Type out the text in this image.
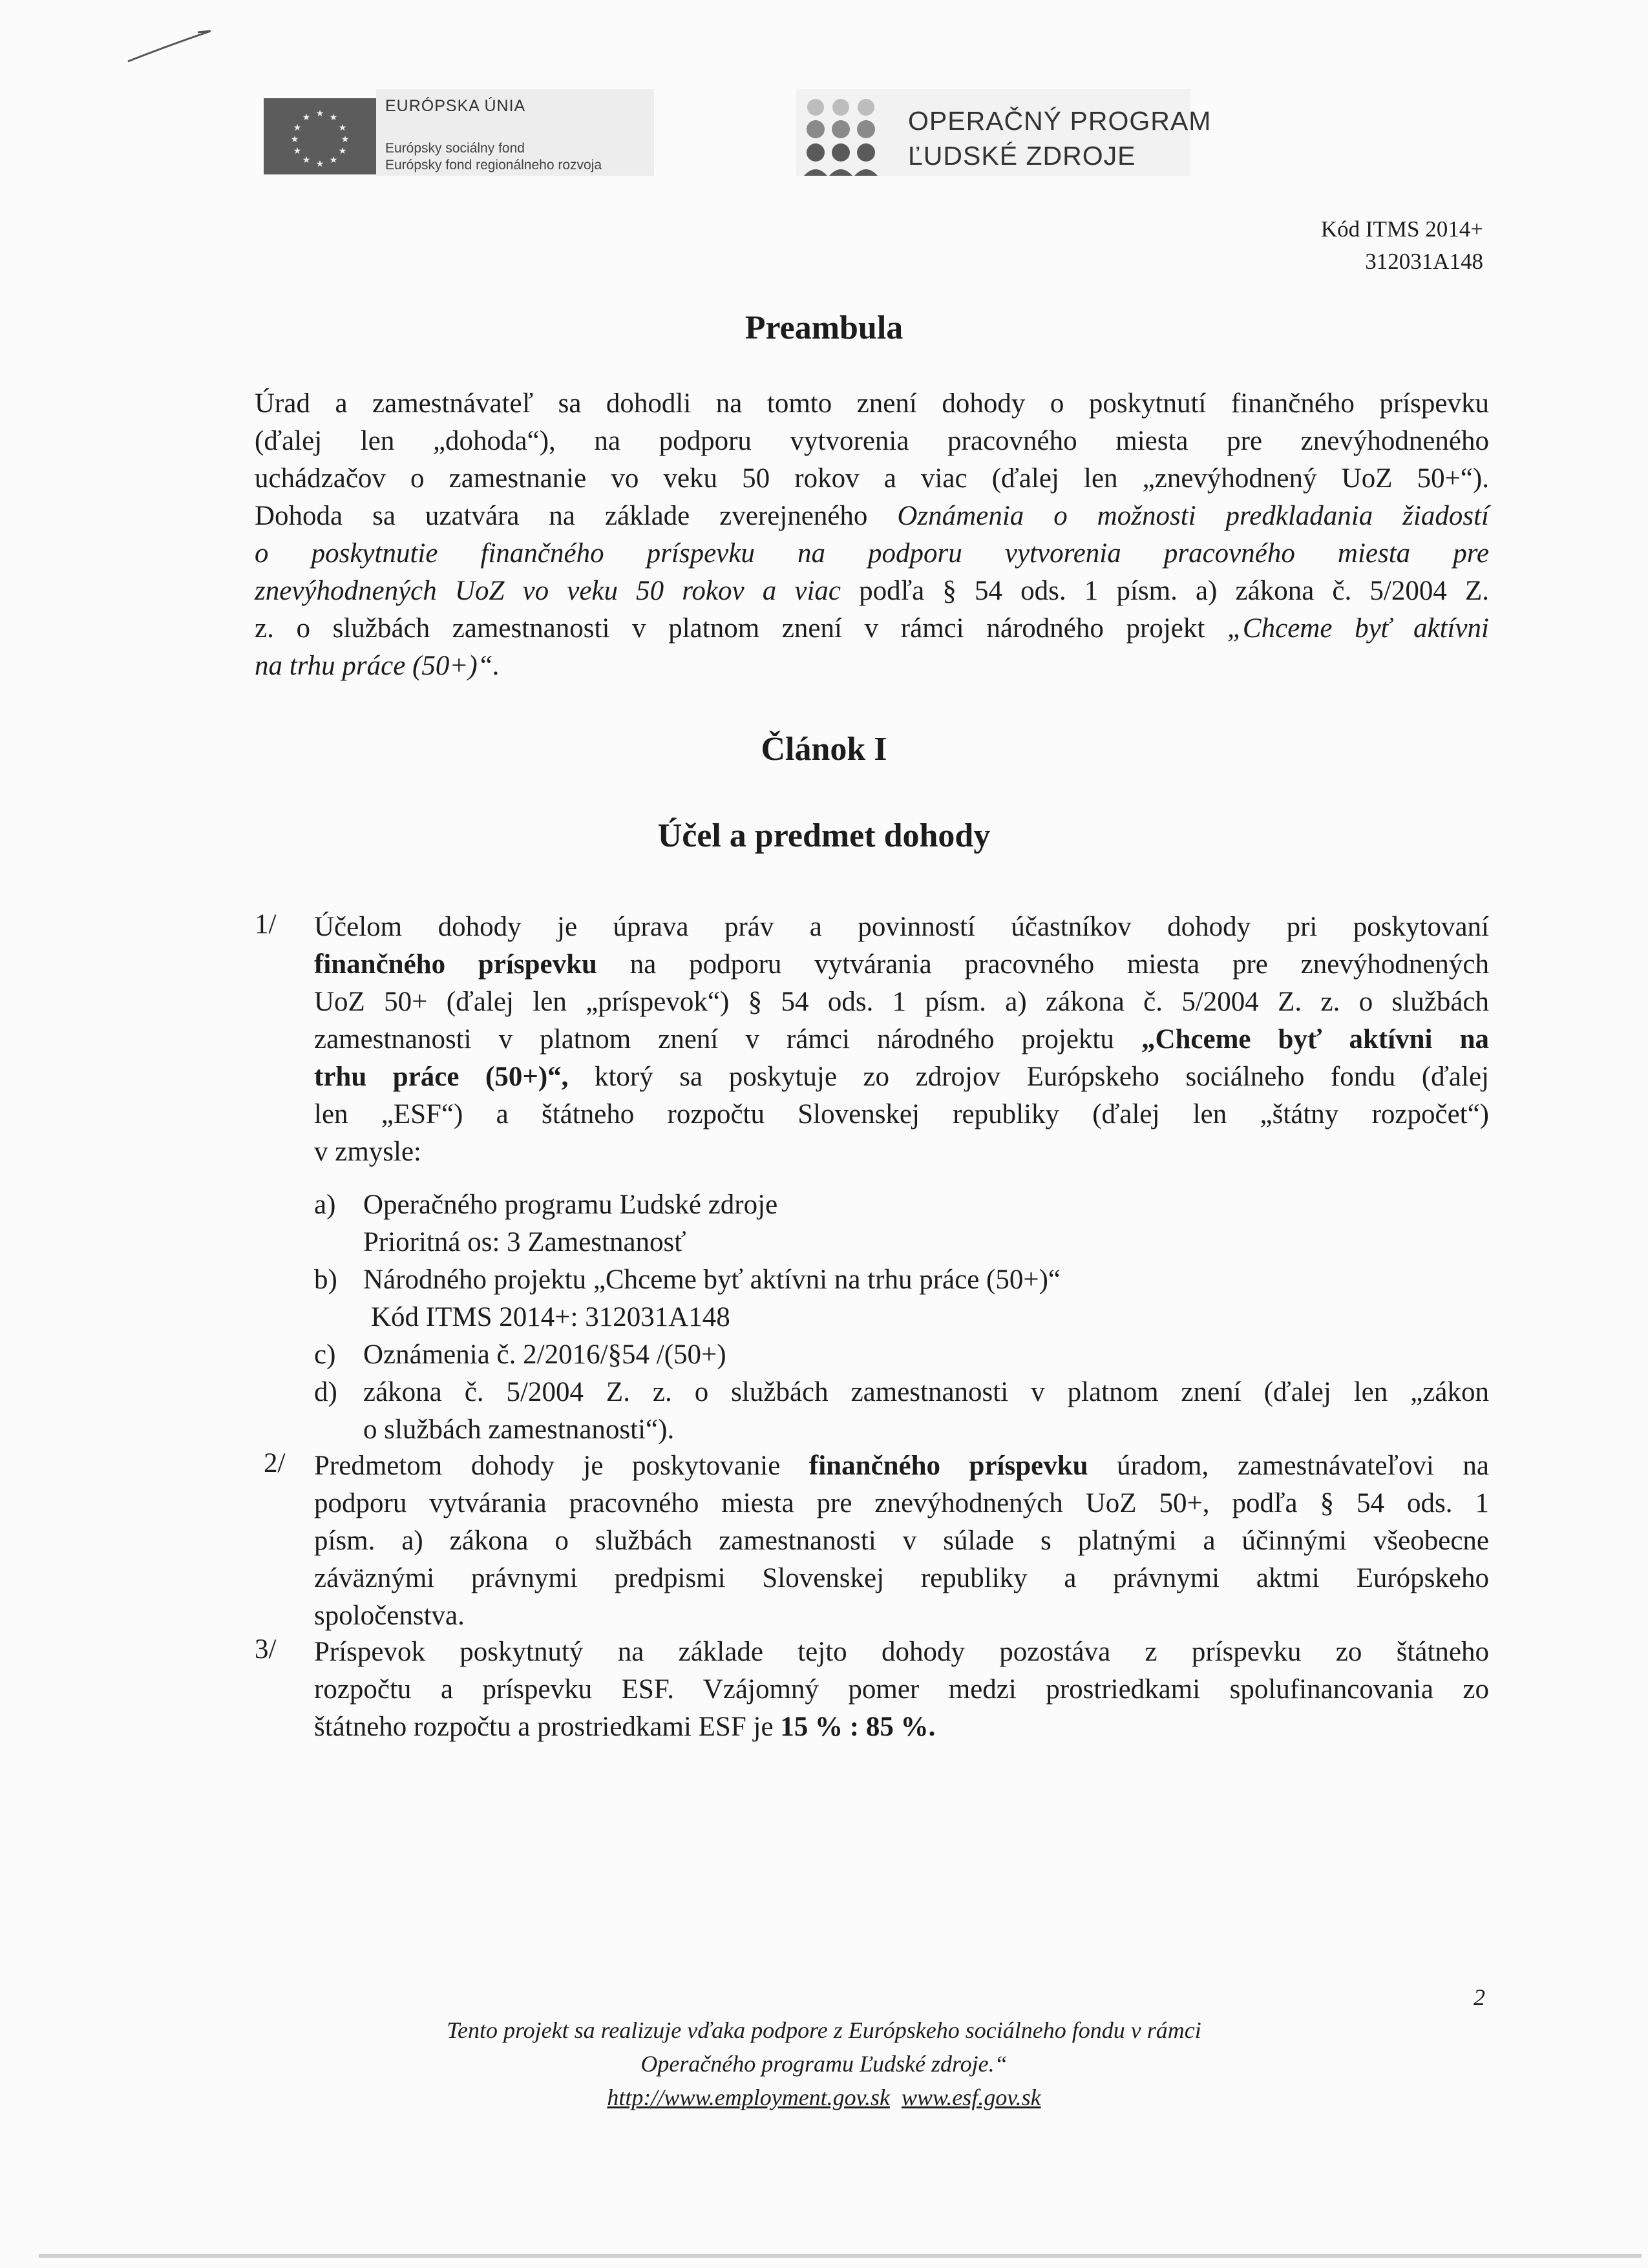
★ ★
★
★
★
★
★
★
★
★
★
★
EURÓPSKA ÚNIA
Európsky sociálny fond
Európsky fond regionálneho rozvoja
OPERAČNÝ PROGRAM
ĽUDSKÉ ZDROJE
Kód ITMS 2014+
312031A148
Preambula
Úrad a zamestnávateľ sa dohodli na tomto znení dohody o poskytnutí finančného príspevku
(ďalej len „dohoda“), na podporu vytvorenia pracovného miesta pre znevýhodneného
uchádzačov o zamestnanie vo veku 50 rokov a viac (ďalej len „znevýhodnený UoZ 50+“).
Dohoda sa uzatvára na základe zverejneného Oznámenia o možnosti predkladania žiadostí
o poskytnutie finančného príspevku na podporu vytvorenia pracovného miesta pre
znevýhodnených UoZ vo veku 50 rokov a viac podľa § 54 ods. 1 písm. a) zákona č. 5/2004 Z.
z. o službách zamestnanosti v platnom znení v rámci národného projekt „Chceme byť aktívni
na trhu práce (50+)“.
Článok I
Účel a predmet dohody
1/ Účelom dohody je úprava práv a povinností účastníkov dohody pri poskytovaní
finančného príspevku na podporu vytvárania pracovného miesta pre znevýhodnených
UoZ 50+ (ďalej len „príspevok“) § 54 ods. 1 písm. a) zákona č. 5/2004 Z. z. o službách
zamestnanosti v platnom znení v rámci národného projektu „Chceme byť aktívni na
trhu práce (50+)“, ktorý sa poskytuje zo zdrojov Európskeho sociálneho fondu (ďalej
len „ESF“) a štátneho rozpočtu Slovenskej republiky (ďalej len „štátny rozpočet“)
v zmysle:
a) Operačného programu Ľudské zdroje
Prioritná os: 3 Zamestnanosť
b) Národného projektu „Chceme byť aktívni na trhu práce (50+)“
Kód ITMS 2014+: 312031A148
c) Oznámenia č. 2/2016/§54 /(50+)
d) zákona č. 5/2004 Z. z. o službách zamestnanosti v platnom znení (ďalej len „zákon
o službách zamestnanosti“).
2/ Predmetom dohody je poskytovanie finančného príspevku úradom, zamestnávateľovi na
podporu vytvárania pracovného miesta pre znevýhodnených UoZ 50+, podľa § 54 ods. 1
písm. a) zákona o službách zamestnanosti v súlade s platnými a účinnými všeobecne
záväznými právnymi predpismi Slovenskej republiky a právnymi aktmi Európskeho
spoločenstva.
3/ Príspevok poskytnutý na základe tejto dohody pozostáva z príspevku zo štátneho
rozpočtu a príspevku ESF. Vzájomný pomer medzi prostriedkami spolufinancovania zo
štátneho rozpočtu a prostriedkami ESF je 15 % : 85 %.
2
Tento projekt sa realizuje vďaka podpore z Európskeho sociálneho fondu v rámci
Operačného programu Ľudské zdroje.“
http://www.employment.gov.sk www.esf.gov.sk
